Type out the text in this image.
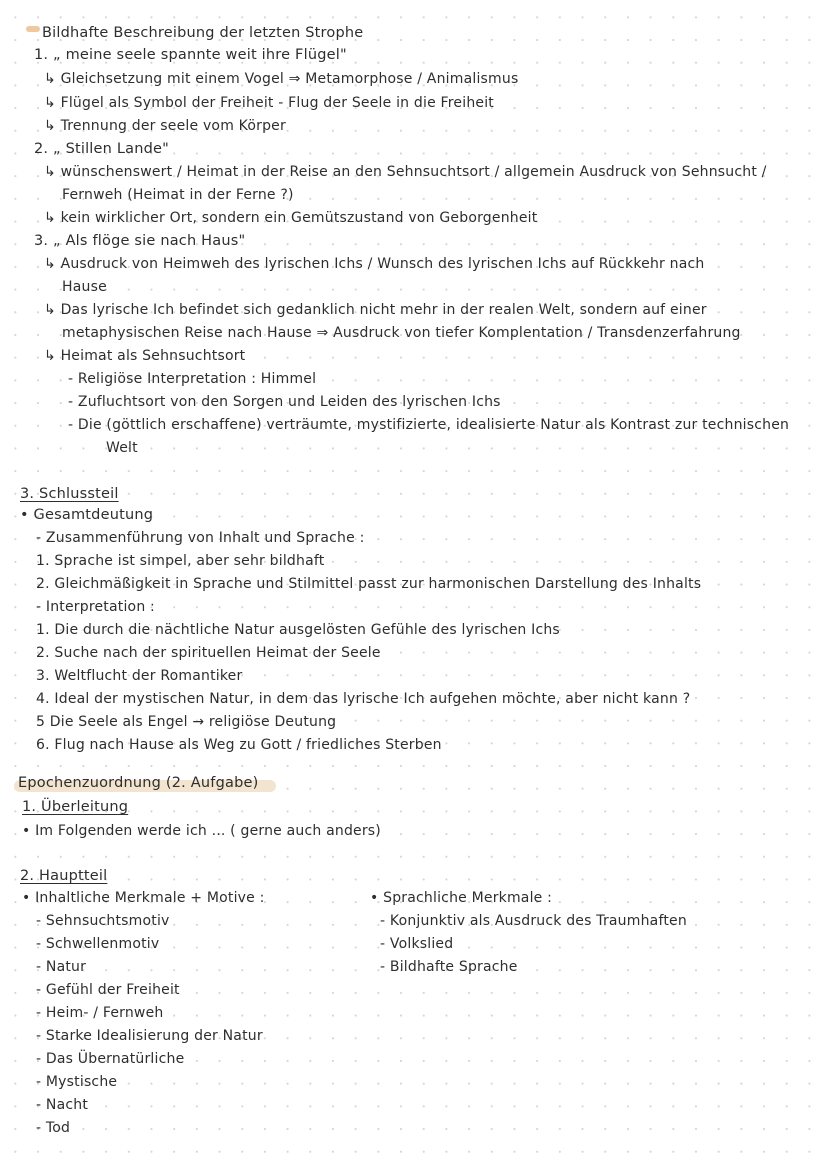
Bildhafte Beschreibung der letzten Strophe
1. „ meine seele spannte weit ihre Flügel"
↳ Gleichsetzung mit einem Vogel ⇒ Metamorphose / Animalismus
↳ Flügel als Symbol der Freiheit - Flug der Seele in die Freiheit
↳ Trennung der seele vom Körper
2. „ Stillen Lande"
↳ wünschenswert / Heimat in der Reise an den Sehnsuchtsort / allgemein Ausdruck von Sehnsucht /
Fernweh (Heimat in der Ferne ?)
↳ kein wirklicher Ort, sondern ein Gemütszustand von Geborgenheit
3. „ Als flöge sie nach Haus"
↳ Ausdruck von Heimweh des lyrischen Ichs / Wunsch des lyrischen Ichs auf Rückkehr nach
Hause
↳ Das lyrische Ich befindet sich gedanklich nicht mehr in der realen Welt, sondern auf einer
metaphysischen Reise nach Hause ⇒ Ausdruck von tiefer Komplentation / Transdenzerfahrung
↳ Heimat als Sehnsuchtsort
- Religiöse Interpretation : Himmel
- Zufluchtsort von den Sorgen und Leiden des lyrischen Ichs
- Die (göttlich erschaffene) verträumte, mystifizierte, idealisierte Natur als Kontrast zur technischen
Welt
3. Schlussteil
• Gesamtdeutung
- Zusammenführung von Inhalt und Sprache :
1. Sprache ist simpel, aber sehr bildhaft
2. Gleichmäßigkeit in Sprache und Stilmittel passt zur harmonischen Darstellung des Inhalts
- Interpretation :
1. Die durch die nächtliche Natur ausgelösten Gefühle des lyrischen Ichs
2. Suche nach der spirituellen Heimat der Seele
3. Weltflucht der Romantiker
4. Ideal der mystischen Natur, in dem das lyrische Ich aufgehen möchte, aber nicht kann ?
5 Die Seele als Engel → religiöse Deutung
6. Flug nach Hause als Weg zu Gott / friedliches Sterben
Epochenzuordnung (2. Aufgabe)
1. Überleitung
• Im Folgenden werde ich ... ( gerne auch anders)
2. Hauptteil
• Inhaltliche Merkmale + Motive :
- Sehnsuchtsmotiv
- Schwellenmotiv
- Natur
- Gefühl der Freiheit
- Heim- / Fernweh
- Starke Idealisierung der Natur
- Das Übernatürliche
- Mystische
- Nacht
- Tod
• Sprachliche Merkmale :
- Konjunktiv als Ausdruck des Traumhaften
- Volkslied
- Bildhafte Sprache
